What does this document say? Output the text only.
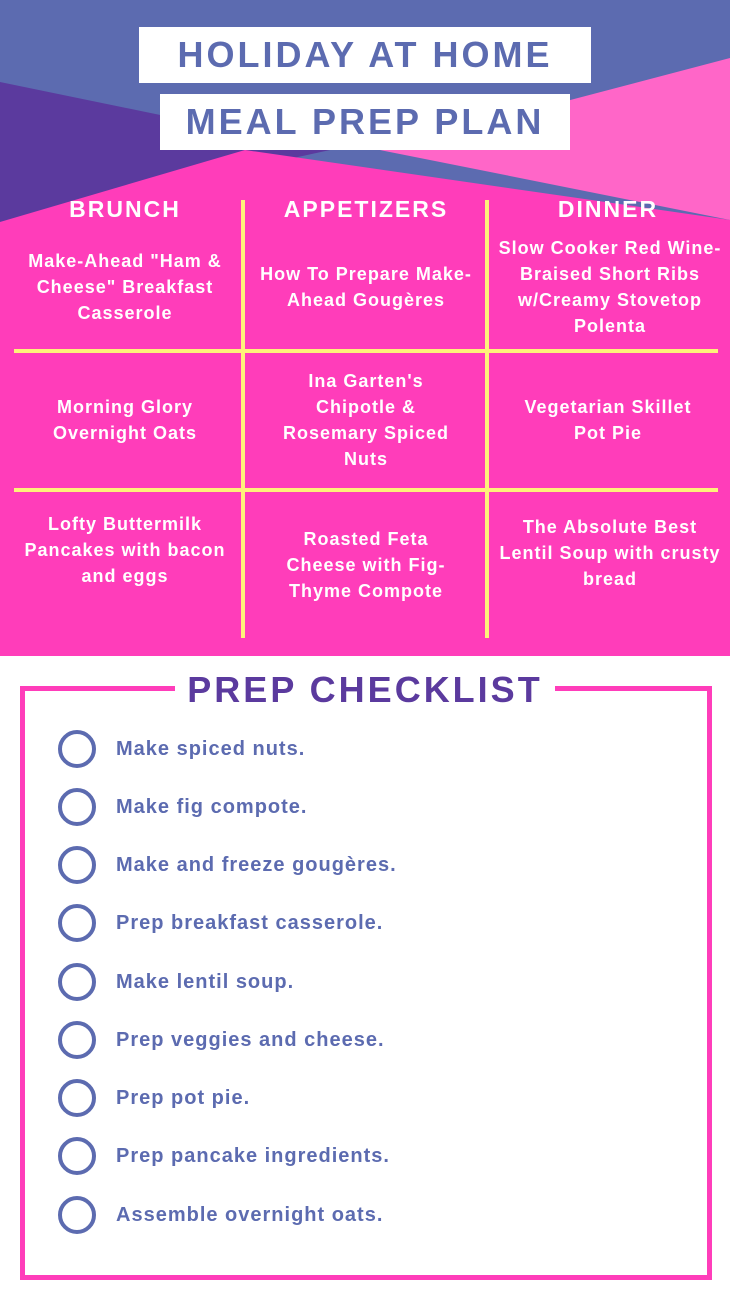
HOLIDAY AT HOME
MEAL PREP PLAN
BRUNCH	APPETIZERS	DINNER
Make-Ahead "Ham & Cheese" Breakfast Casserole
How To Prepare Make-Ahead Gougères
Slow Cooker Red Wine-Braised Short Ribs w/Creamy Stovetop Polenta
Morning Glory Overnight Oats
Ina Garten's Chipotle & Rosemary Spiced Nuts
Vegetarian Skillet Pot Pie
Lofty Buttermilk Pancakes with bacon and eggs
Roasted Feta Cheese with Fig-Thyme Compote
The Absolute Best Lentil Soup with crusty bread
PREP CHECKLIST
Make spiced nuts.
Make fig compote.
Make and freeze gougères.
Prep breakfast casserole.
Make lentil soup.
Prep veggies and cheese.
Prep pot pie.
Prep pancake ingredients.
Assemble overnight oats.
